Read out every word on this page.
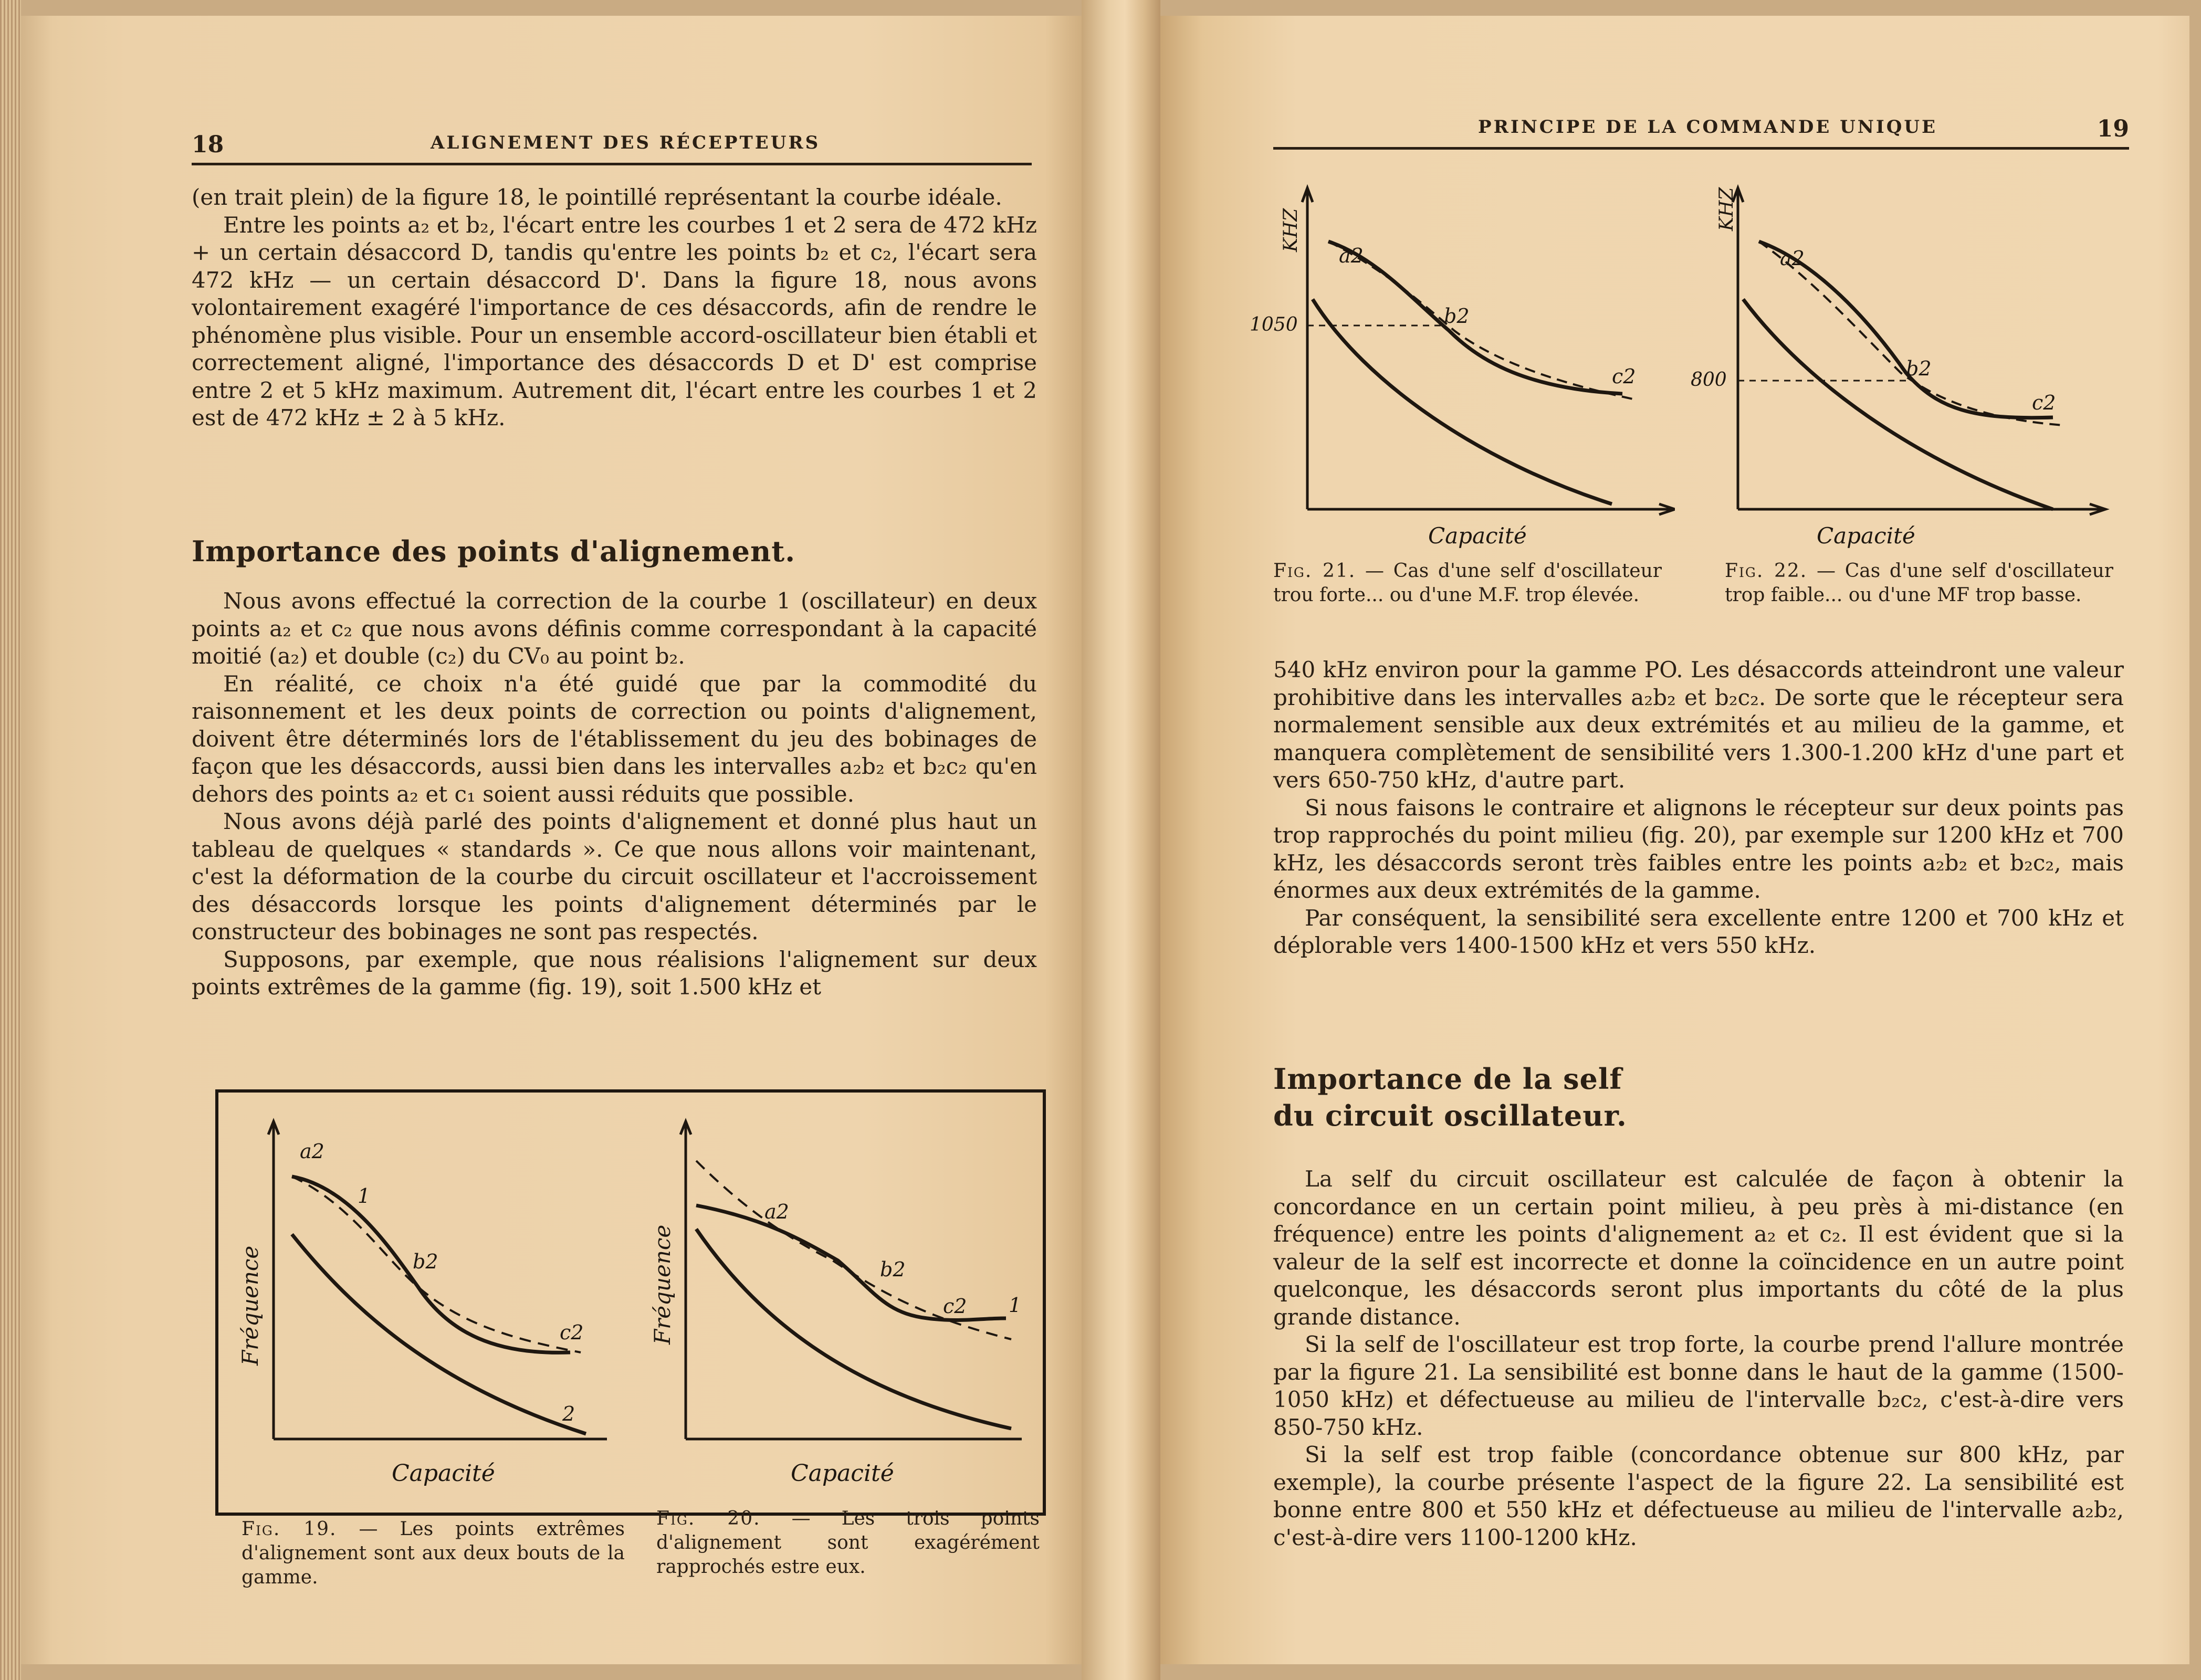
18	ALIGNEMENT DES RÉCEPTEURS

(en trait plein) de la figure 18, le pointillé représentant la courbe idéale.

Entre les points a₂ et b₂, l'écart entre les courbes 1 et 2 sera de 472 kHz + un certain désaccord D, tandis qu'entre les points b₂ et c₂, l'écart sera 472 kHz — un certain désaccord D'. Dans la figure 18, nous avons volontairement exagéré l'importance de ces désaccords, afin de rendre le phénomène plus visible. Pour un ensemble accord-oscillateur bien établi et correctement aligné, l'importance des désaccords D et D' est comprise entre 2 et 5 kHz maximum. Autrement dit, l'écart entre les courbes 1 et 2 est de 472 kHz ± 2 à 5 kHz.

Importance des points d'alignement.

Nous avons effectué la correction de la courbe 1 (oscillateur) en deux points a₂ et c₂ que nous avons définis comme correspondant à la capacité moitié (a₂) et double (c₂) du CV₀ au point b₂.

En réalité, ce choix n'a été guidé que par la commodité du raisonnement et les deux points de correction ou points d'alignement, doivent être déterminés lors de l'établissement du jeu des bobinages de façon que les désaccords, aussi bien dans les intervalles a₂b₂ et b₂c₂ qu'en dehors des points a₂ et c₁ soient aussi réduits que possible.

Nous avons déjà parlé des points d'alignement et donné plus haut un tableau de quelques « standards ». Ce que nous allons voir maintenant, c'est la déformation de la courbe du circuit oscillateur et l'accroissement des désaccords lorsque les points d'alignement déterminés par le constructeur des bobinages ne sont pas respectés.

Supposons, par exemple, que nous réalisions l'alignement sur deux points extrêmes de la gamme (fig. 19), soit 1.500 kHz et

Fréquence
Capacité
a2
b2
c2
1
2
Fréquence
Capacité
a2
b2
c2 1
Fig. 19. — Les points extrêmes d'alignement sont aux deux bouts de la gamme.
Fig. 20. — Les trois points d'alignement sont exagérément rapprochés estre eux.
PRINCIPE DE LA COMMANDE UNIQUE	19
KHZ
1050
Capacité
a2
b2
c2
Fig. 21. — Cas d'une self d'oscillateur trou forte... ou d'une M.F. trop élevée.
KHZ
800
Capacité
a2
b2
c2
Fig. 22. — Cas d'une self d'oscillateur trop faible... ou d'une MF trop basse.

540 kHz environ pour la gamme PO. Les désaccords atteindront une valeur prohibitive dans les intervalles a₂b₂ et b₂c₂. De sorte que le récepteur sera normalement sensible aux deux extrémités et au milieu de la gamme, et manquera complètement de sensibilité vers 1.300-1.200 kHz d'une part et vers 650-750 kHz, d'autre part.

Si nous faisons le contraire et alignons le récepteur sur deux points pas trop rapprochés du point milieu (fig. 20), par exemple sur 1200 kHz et 700 kHz, les désaccords seront très faibles entre les points a₂b₂ et b₂c₂, mais énormes aux deux extrémités de la gamme.

Par conséquent, la sensibilité sera excellente entre 1200 et 700 kHz et déplorable vers 1400-1500 kHz et vers 550 kHz.

Importance de la self
du circuit oscillateur.

La self du circuit oscillateur est calculée de façon à obtenir la concordance en un certain point milieu, à peu près à mi-distance (en fréquence) entre les points d'alignement a₂ et c₂. Il est évident que si la valeur de la self est incorrecte et donne la coïncidence en un autre point quelconque, les désaccords seront plus importants du côté de la plus grande distance.

Si la self de l'oscillateur est trop forte, la courbe prend l'allure montrée par la figure 21. La sensibilité est bonne dans le haut de la gamme (1500-1050 kHz) et défectueuse au milieu de l'intervalle b₂c₂, c'est-à-dire vers 850-750 kHz.

Si la self est trop faible (concordance obtenue sur 800 kHz, par exemple), la courbe présente l'aspect de la figure 22. La sensibilité est bonne entre 800 et 550 kHz et défectueuse au milieu de l'intervalle a₂b₂, c'est-à-dire vers 1100-1200 kHz.
